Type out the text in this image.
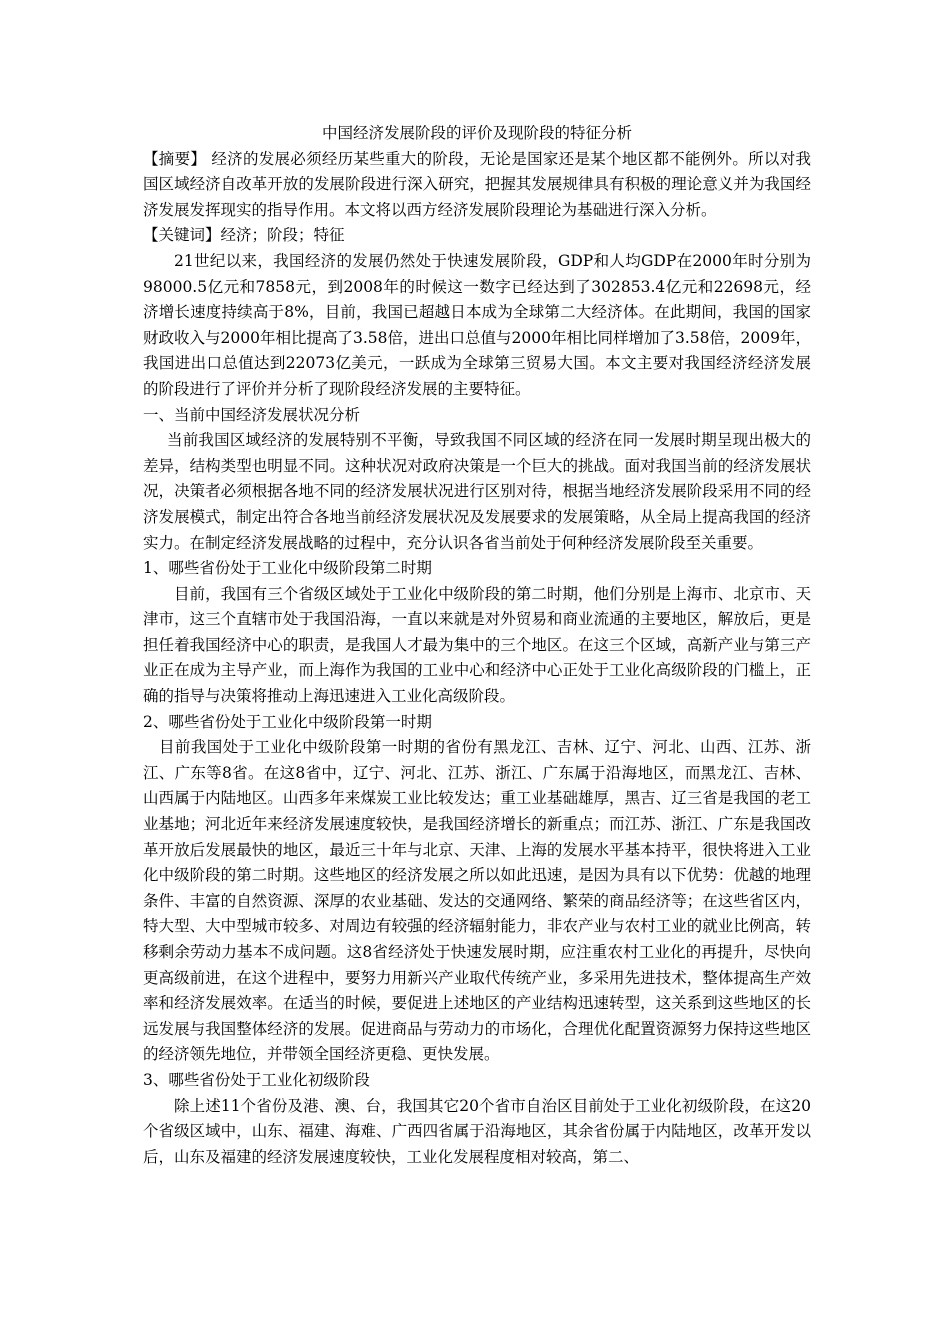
中国经济发展阶段的评价及现阶段的特征分析

【摘要】 经济的发展必须经历某些重大的阶段，无论是国家还是某个地区都不能例外。所以对我国区域经济自改革开放的发展阶段进行深入研究，把握其发展规律具有积极的理论意义并为我国经济发展发挥现实的指导作用。本文将以西方经济发展阶段理论为基础进行深入分析。

【关键词】经济；阶段；特征

21世纪以来，我国经济的发展仍然处于快速发展阶段，GDP和人均GDP在2000年时分别为98000.5亿元和7858元，到2008年的时候这一数字已经达到了302853.4亿元和22698元，经济增长速度持续高于8%，目前，我国已超越日本成为全球第二大经济体。在此期间，我国的国家财政收入与2000年相比提高了3.58倍，进出口总值与2000年相比同样增加了3.58倍，2009年，我国进出口总值达到22073亿美元，一跃成为全球第三贸易大国。本文主要对我国经济经济发展的阶段进行了评价并分析了现阶段经济发展的主要特征。

一、当前中国经济发展状况分析

当前我国区域经济的发展特别不平衡，导致我国不同区域的经济在同一发展时期呈现出极大的差异，结构类型也明显不同。这种状况对政府决策是一个巨大的挑战。面对我国当前的经济发展状况，决策者必须根据各地不同的经济发展状况进行区别对待，根据当地经济发展阶段采用不同的经济发展模式，制定出符合各地当前经济发展状况及发展要求的发展策略，从全局上提高我国的经济实力。在制定经济发展战略的过程中，充分认识各省当前处于何种经济发展阶段至关重要。

1、哪些省份处于工业化中级阶段第二时期

目前，我国有三个省级区域处于工业化中级阶段的第二时期，他们分别是上海市、北京市、天津市，这三个直辖市处于我国沿海，一直以来就是对外贸易和商业流通的主要地区，解放后，更是担任着我国经济中心的职责，是我国人才最为集中的三个地区。在这三个区域，高新产业与第三产业正在成为主导产业，而上海作为我国的工业中心和经济中心正处于工业化高级阶段的门槛上，正确的指导与决策将推动上海迅速进入工业化高级阶段。

2、哪些省份处于工业化中级阶段第一时期

目前我国处于工业化中级阶段第一时期的省份有黑龙江、吉林、辽宁、河北、山西、江苏、浙江、广东等8省。在这8省中，辽宁、河北、江苏、浙江、广东属于沿海地区，而黑龙江、吉林、山西属于内陆地区。山西多年来煤炭工业比较发达；重工业基础雄厚，黑吉、辽三省是我国的老工业基地；河北近年来经济发展速度较快，是我国经济增长的新重点；而江苏、浙江、广东是我国改革开放后发展最快的地区，最近三十年与北京、天津、上海的发展水平基本持平，很快将进入工业化中级阶段的第二时期。这些地区的经济发展之所以如此迅速，是因为具有以下优势：优越的地理条件、丰富的自然资源、深厚的农业基础、发达的交通网络、繁荣的商品经济等；在这些省区内，特大型、大中型城市较多、对周边有较强的经济辐射能力，非农产业与农村工业的就业比例高，转移剩余劳动力基本不成问题。这8省经济处于快速发展时期，应注重农村工业化的再提升，尽快向更高级前进，在这个进程中，要努力用新兴产业取代传统产业，多采用先进技术，整体提高生产效率和经济发展效率。在适当的时候，要促进上述地区的产业结构迅速转型，这关系到这些地区的长远发展与我国整体经济的发展。促进商品与劳动力的市场化，合理优化配置资源努力保持这些地区的经济领先地位，并带领全国经济更稳、更快发展。

3、哪些省份处于工业化初级阶段

除上述11个省份及港、澳、台，我国其它20个省市自治区目前处于工业化初级阶段，在这20个省级区域中，山东、福建、海难、广西四省属于沿海地区，其余省份属于内陆地区，改革开发以后，山东及福建的经济发展速度较快，工业化发展程度相对较高，第二、
